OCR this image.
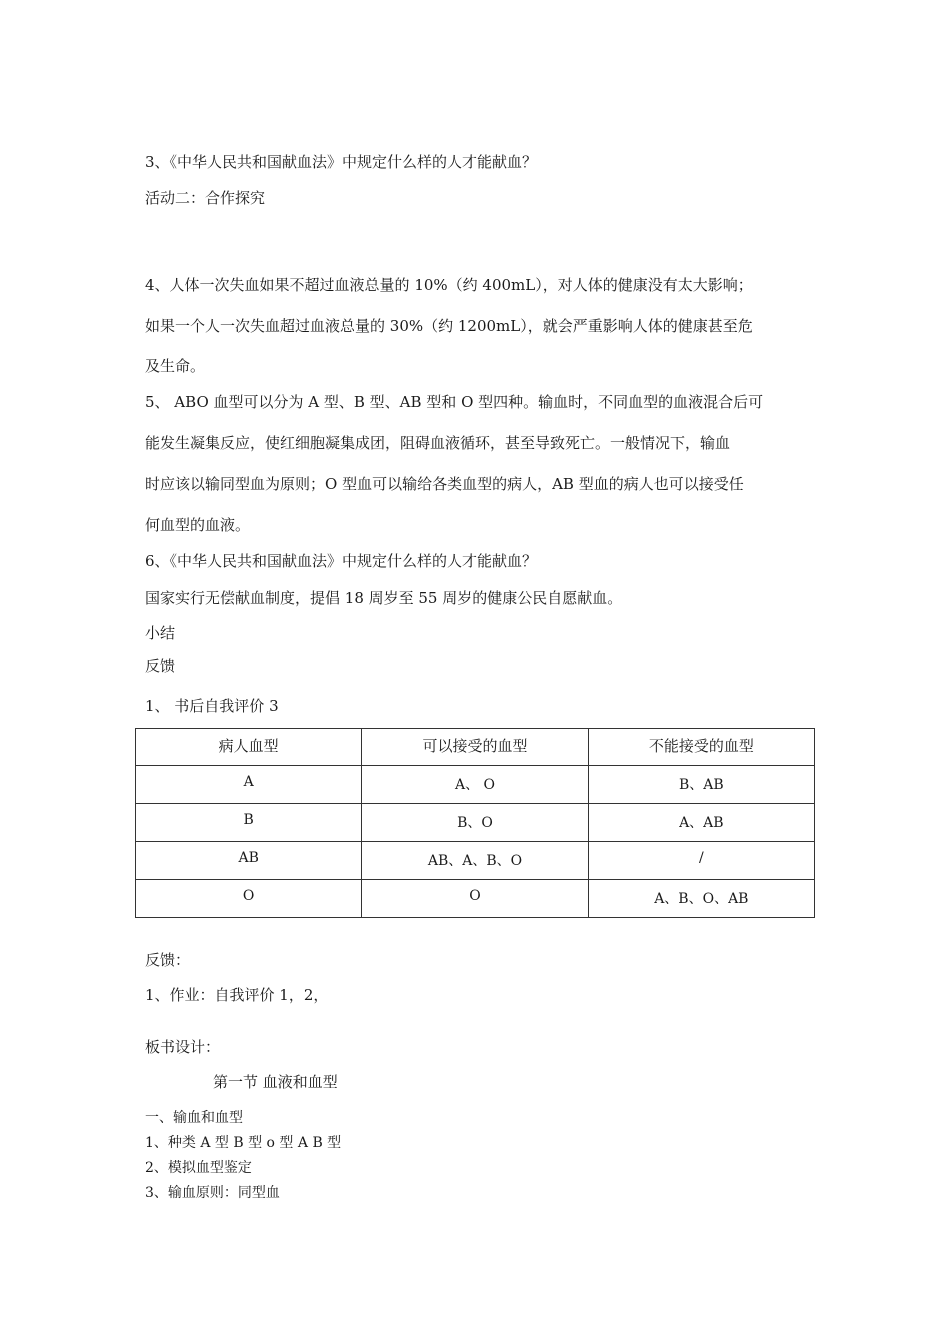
3、《中华人民共和国献血法》中规定什么样的人才能献血？
活动二：合作探究
4、人体一次失血如果不超过血液总量的 10%（约 400mL），对人体的健康没有太大影响；
如果一个人一次失血超过血液总量的 30%（约 1200mL），就会严重影响人体的健康甚至危
及生命。
5、 ABO 血型可以分为 A 型、B 型、AB 型和 O 型四种。输血时，不同血型的血液混合后可
能发生凝集反应，使红细胞凝集成团，阻碍血液循环，甚至导致死亡。一般情况下，输血
时应该以输同型血为原则；O 型血可以输给各类血型的病人，AB 型血的病人也可以接受任
何血型的血液。
6、《中华人民共和国献血法》中规定什么样的人才能献血？
国家实行无偿献血制度，提倡 18 周岁至 55 周岁的健康公民自愿献血。
小结
反馈
1、 书后自我评价 3
病人血型	可以接受的血型	不能接受的血型
A	A、 O	B、AB
B	B、O	A、AB
AB	AB、A、B、O	/
O	O	A、B、O、AB
反馈：
1、作业：自我评价 1，2，
板书设计：
第一节 血液和血型
一、输血和血型
1、种类 A 型 B 型 o 型 A B 型
2、模拟血型鉴定
3、输血原则：同型血
